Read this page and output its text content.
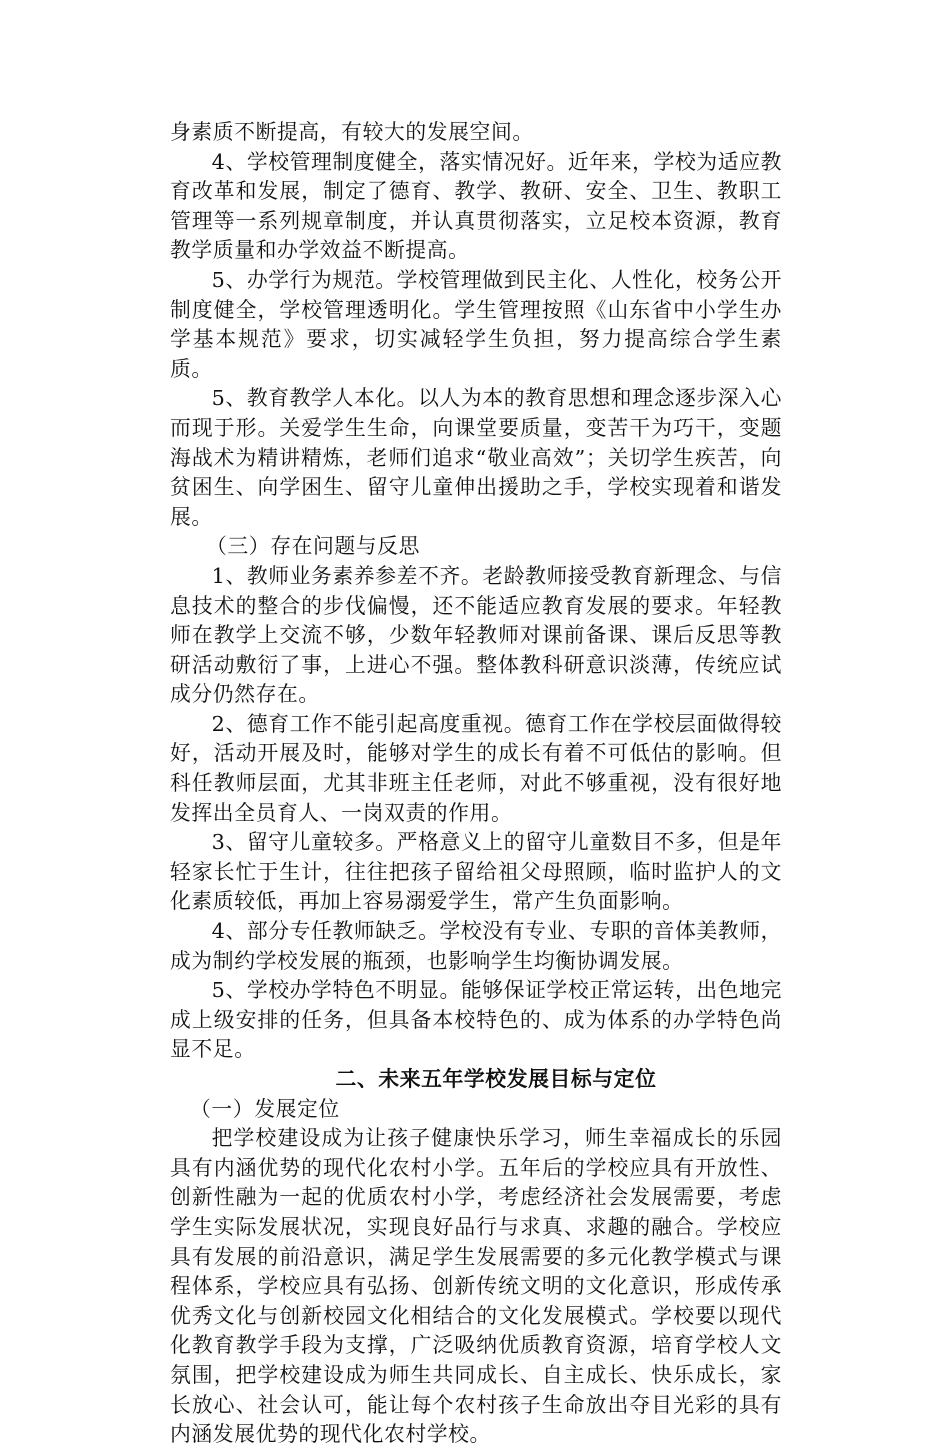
身素质不断提高，有较大的发展空间。

4、学校管理制度健全，落实情况好。近年来，学校为适应教育改革和发展，制定了德育、教学、教研、安全、卫生、教职工管理等一系列规章制度，并认真贯彻落实，立足校本资源，教育教学质量和办学效益不断提高。

5、办学行为规范。学校管理做到民主化、人性化，校务公开制度健全，学校管理透明化。学生管理按照《山东省中小学生办学基本规范》要求，切实减轻学生负担，努力提高综合学生素质。

5、教育教学人本化。以人为本的教育思想和理念逐步深入心而现于形。关爱学生生命，向课堂要质量，变苦干为巧干，变题海战术为精讲精炼，老师们追求“敬业高效”；关切学生疾苦，向贫困生、向学困生、留守儿童伸出援助之手，学校实现着和谐发展。

（三）存在问题与反思

1、教师业务素养参差不齐。老龄教师接受教育新理念、与信息技术的整合的步伐偏慢，还不能适应教育发展的要求。年轻教师在教学上交流不够，少数年轻教师对课前备课、课后反思等教研活动敷衍了事，上进心不强。整体教科研意识淡薄，传统应试成分仍然存在。

2、德育工作不能引起高度重视。德育工作在学校层面做得较好，活动开展及时，能够对学生的成长有着不可低估的影响。但科任教师层面，尤其非班主任老师，对此不够重视，没有很好地发挥出全员育人、一岗双责的作用。

3、留守儿童较多。严格意义上的留守儿童数目不多，但是年轻家长忙于生计，往往把孩子留给祖父母照顾，临时监护人的文化素质较低，再加上容易溺爱学生，常产生负面影响。

4、部分专任教师缺乏。学校没有专业、专职的音体美教师，成为制约学校发展的瓶颈，也影响学生均衡协调发展。

5、学校办学特色不明显。能够保证学校正常运转，出色地完成上级安排的任务，但具备本校特色的、成为体系的办学特色尚显不足。

二、未来五年学校发展目标与定位

（一）发展定位

把学校建设成为让孩子健康快乐学习，师生幸福成长的乐园具有内涵优势的现代化农村小学。五年后的学校应具有开放性、创新性融为一起的优质农村小学，考虑经济社会发展需要，考虑学生实际发展状况，实现良好品行与求真、求趣的融合。学校应具有发展的前沿意识，满足学生发展需要的多元化教学模式与课程体系，学校应具有弘扬、创新传统文明的文化意识，形成传承优秀文化与创新校园文化相结合的文化发展模式。学校要以现代化教育教学手段为支撑，广泛吸纳优质教育资源，培育学校人文氛围，把学校建设成为师生共同成长、自主成长、快乐成长，家长放心、社会认可，能让每个农村孩子生命放出夺目光彩的具有内涵发展优势的现代化农村学校。
